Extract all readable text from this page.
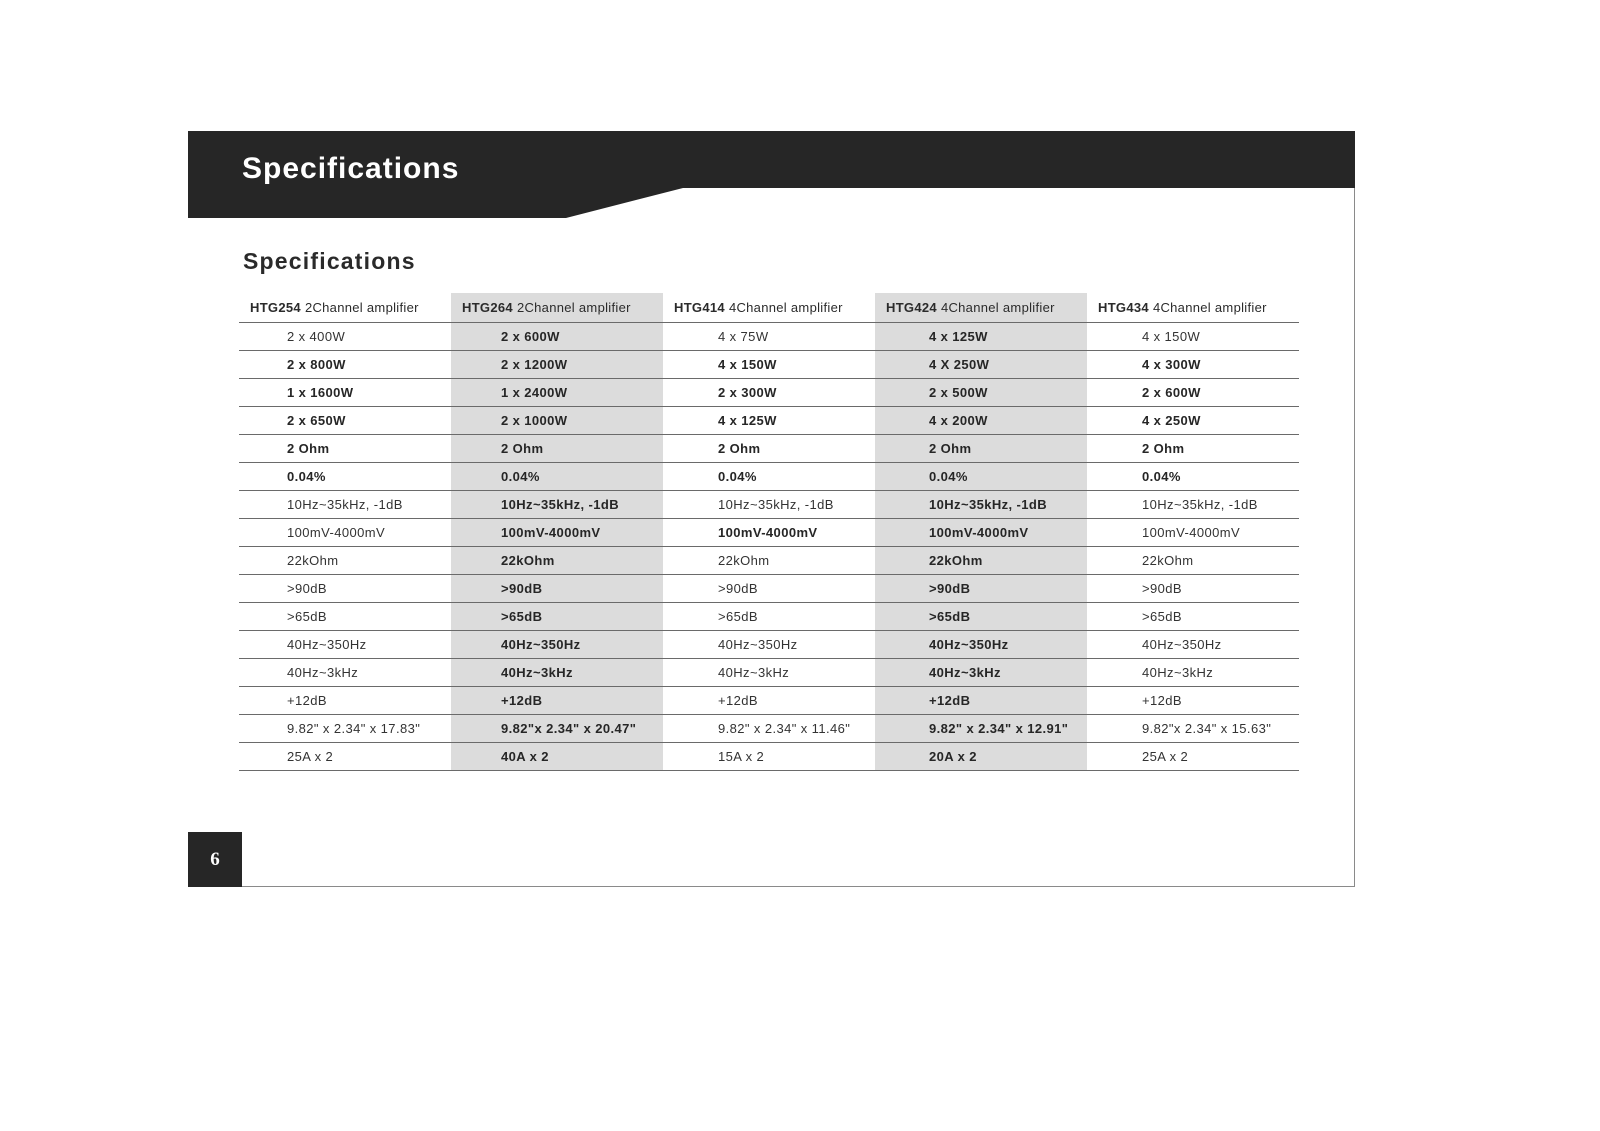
Specifications
Specifications
HTG254 2Channel amplifier	HTG264 2Channel amplifier	HTG414 4Channel amplifier	HTG424 4Channel amplifier	HTG434 4Channel amplifier
2 x 400W	2 x 600W	4 x 75W	4 x 125W	4 x 150W
2 x 800W	2 x 1200W	4 x 150W	4 X 250W	4 x 300W
1 x 1600W	1 x 2400W	2 x 300W	2 x 500W	2 x 600W
2 x 650W	2 x 1000W	4 x 125W	4 x 200W	4 x 250W
2 Ohm	2 Ohm	2 Ohm	2 Ohm	2 Ohm
0.04%	0.04%	0.04%	0.04%	0.04%
10Hz~35kHz, -1dB	10Hz~35kHz, -1dB	10Hz~35kHz, -1dB	10Hz~35kHz, -1dB	10Hz~35kHz, -1dB
100mV-4000mV	100mV-4000mV	100mV-4000mV	100mV-4000mV	100mV-4000mV
22kOhm	22kOhm	22kOhm	22kOhm	22kOhm
>90dB	>90dB	>90dB	>90dB	>90dB
>65dB	>65dB	>65dB	>65dB	>65dB
40Hz~350Hz	40Hz~350Hz	40Hz~350Hz	40Hz~350Hz	40Hz~350Hz
40Hz~3kHz	40Hz~3kHz	40Hz~3kHz	40Hz~3kHz	40Hz~3kHz
+12dB	+12dB	+12dB	+12dB	+12dB
9.82" x 2.34" x 17.83"	9.82"x 2.34" x 20.47"	9.82" x 2.34" x 11.46"	9.82" x 2.34" x 12.91"	9.82"x 2.34" x 15.63"
25A x 2	40A x 2	15A x 2	20A x 2	25A x 2
6
